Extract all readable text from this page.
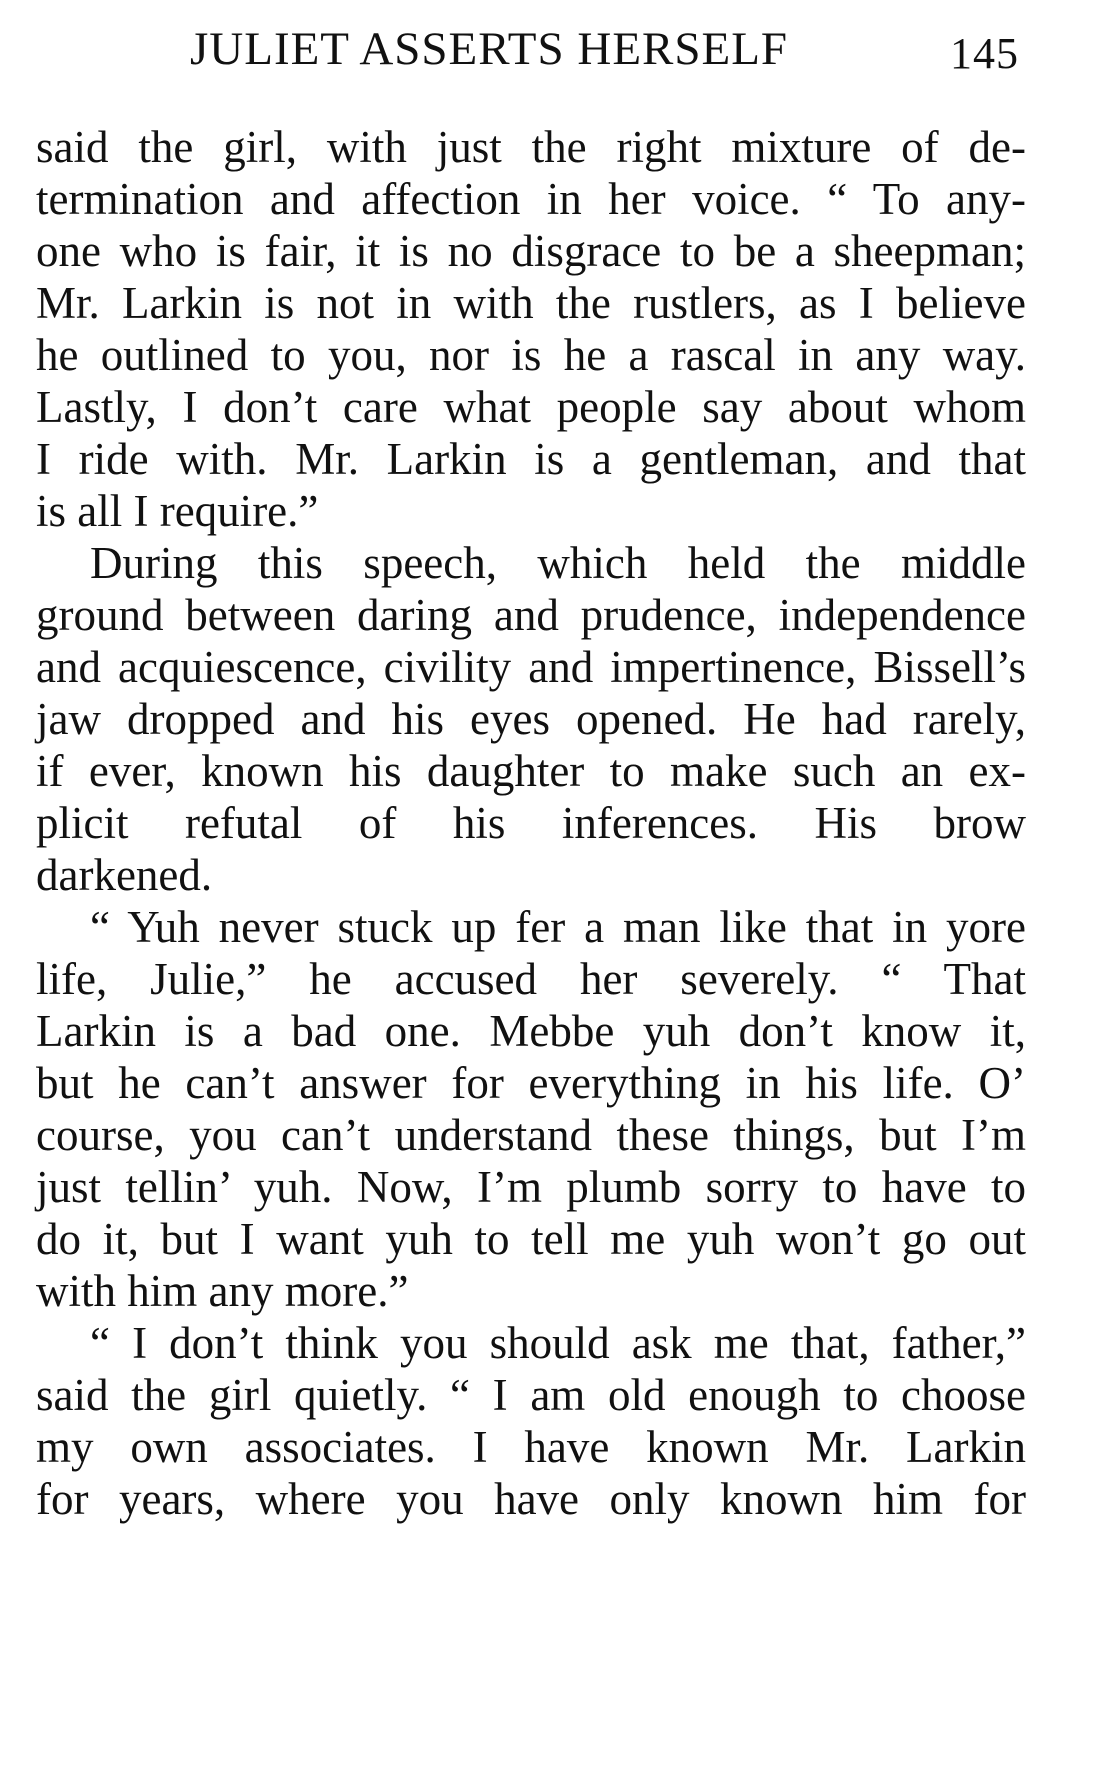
JULIET ASSERTS HERSELF	145
said the girl, with just the right mixture of de-
termination and affection in her voice. “ To any-
one who is fair, it is no disgrace to be a sheepman;
Mr. Larkin is not in with the rustlers, as I believe
he outlined to you, nor is he a rascal in any way.
Lastly, I don’t care what people say about whom
I ride with. Mr. Larkin is a gentleman, and that
is all I require.”
During this speech, which held the middle
ground between daring and prudence, independence
and acquiescence, civility and impertinence, Bissell’s
jaw dropped and his eyes opened. He had rarely,
if ever, known his daughter to make such an ex-
plicit refutal of his inferences. His brow
darkened.
“ Yuh never stuck up fer a man like that in yore
life, Julie,” he accused her severely. “ That
Larkin is a bad one. Mebbe yuh don’t know it,
but he can’t answer for everything in his life. O’
course, you can’t understand these things, but I’m
just tellin’ yuh. Now, I’m plumb sorry to have to
do it, but I want yuh to tell me yuh won’t go out
with him any more.”
“ I don’t think you should ask me that, father,”
said the girl quietly. “ I am old enough to choose
my own associates. I have known Mr. Larkin
for years, where you have only known him for
